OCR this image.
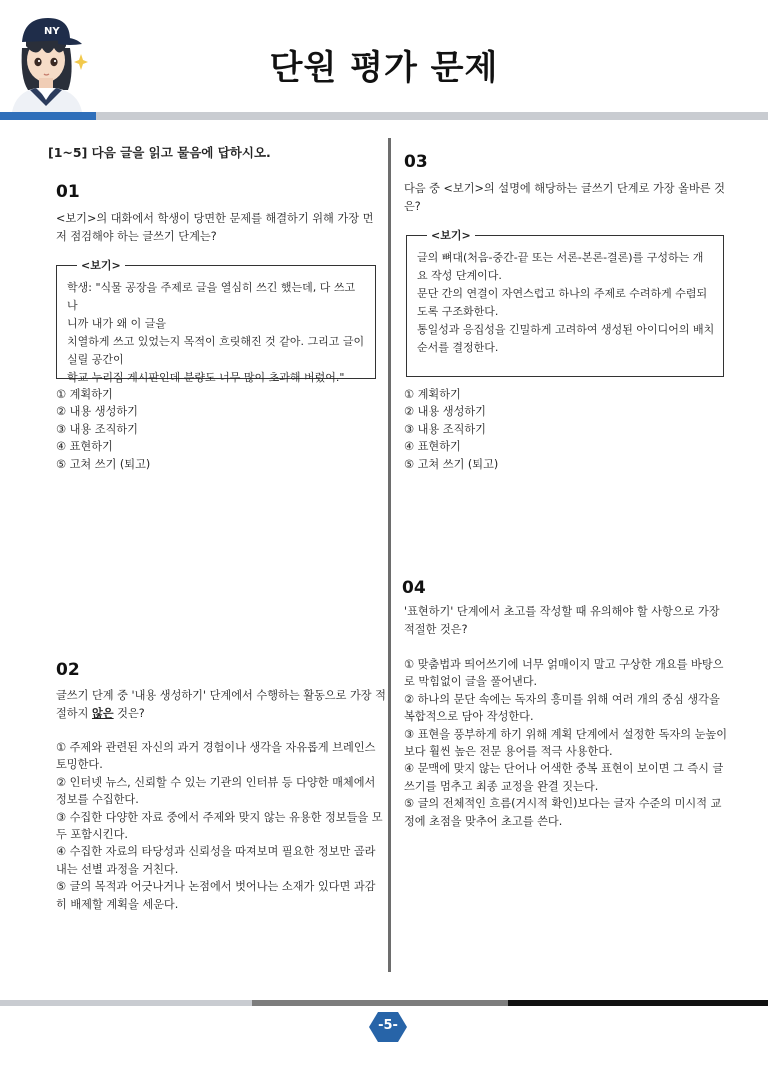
NY
단원 평가 문제
[1~5] 다음 글을 읽고 물음에 답하시오.
01
<보기>의 대화에서 학생이 당면한 문제를 해결하기 위해 가장 먼저 점검해야 하는 글쓰기 단계는?
<보기>
학생: "식물 공장을 주제로 글을 열심히 쓰긴 했는데, 다 쓰고 나
니까 내가 왜 이 글을
치열하게 쓰고 있었는지 목적이 흐릿해진 것 같아. 그리고 글이
실릴 공간이
학교 누리집 게시판인데 분량도 너무 많이 초과해 버렸어."
① 계획하기
② 내용 생성하기
③ 내용 조직하기
④ 표현하기
⑤ 고쳐 쓰기 (퇴고)
02
글쓰기 단계 중 '내용 생성하기' 단계에서 수행하는 활동으로 가장 적절하지 않은 것은?
① 주제와 관련된 자신의 과거 경험이나 생각을 자유롭게 브레인스토밍한다.
② 인터넷 뉴스, 신뢰할 수 있는 기관의 인터뷰 등 다양한 매체에서 정보를 수집한다.
③ 수집한 다양한 자료 중에서 주제와 맞지 않는 유용한 정보들을 모두 포함시킨다.
④ 수집한 자료의 타당성과 신뢰성을 따져보며 필요한 정보만 골라내는 선별 과정을 거친다.
⑤ 글의 목적과 어긋나거나 논점에서 벗어나는 소재가 있다면 과감히 배제할 계획을 세운다.
03
다음 중 <보기>의 설명에 해당하는 글쓰기 단계로 가장 올바른 것은?
<보기>
글의 뼈대(처음-중간-끝 또는 서론-본론-결론)를 구성하는 개
요 작성 단계이다.
문단 간의 연결이 자연스럽고 하나의 주제로 수려하게 수렴되
도록 구조화한다.
통일성과 응집성을 긴밀하게 고려하여 생성된 아이디어의 배치
순서를 결정한다.
① 계획하기
② 내용 생성하기
③ 내용 조직하기
④ 표현하기
⑤ 고쳐 쓰기 (퇴고)
04
'표현하기' 단계에서 초고를 작성할 때 유의해야 할 사항으로 가장 적절한 것은?
① 맞춤법과 띄어쓰기에 너무 얽매이지 말고 구상한 개요를 바탕으로 막힘없이 글을 풀어낸다.
② 하나의 문단 속에는 독자의 흥미를 위해 여러 개의 중심 생각을 복합적으로 담아 작성한다.
③ 표현을 풍부하게 하기 위해 계획 단계에서 설정한 독자의 눈높이보다 훨씬 높은 전문 용어를 적극 사용한다.
④ 문맥에 맞지 않는 단어나 어색한 중복 표현이 보이면 그 즉시 글쓰기를 멈추고 최종 교정을 완결 짓는다.
⑤ 글의 전체적인 흐름(거시적 확인)보다는 글자 수준의 미시적 교정에 초점을 맞추어 초고를 쓴다.
-5-
